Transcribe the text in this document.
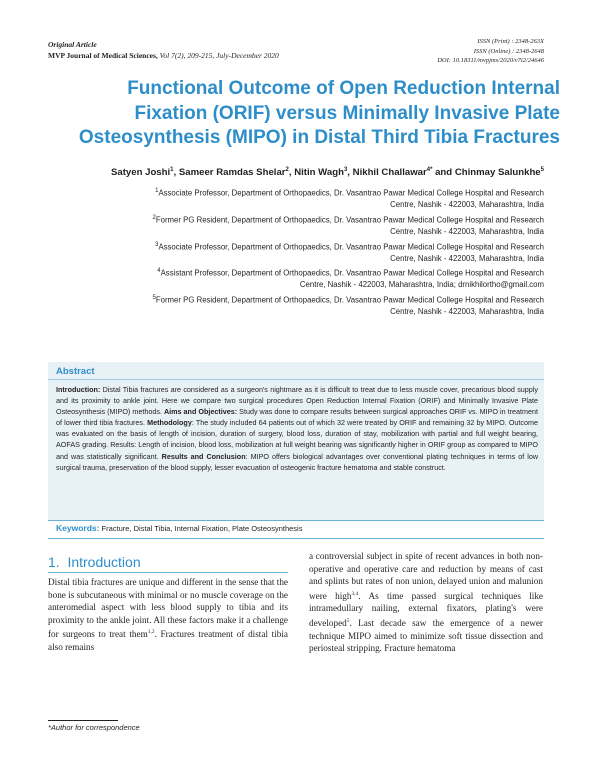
Original Article
MVP Journal of Medical Sciences, Vol 7(2), 209-215, July-December 2020
ISSN (Print) : 2348-263X
ISSN (Online) : 2348-2648
DOI: 10.18311/mvpjms/2020/v7i2/24646
Functional Outcome of Open Reduction Internal
Fixation (ORIF) versus Minimally Invasive Plate
Osteosynthesis (MIPO) in Distal Third Tibia Fractures
Satyen Joshi$^1$, Sameer Ramdas Shelar$^2$, Nitin Wagh$^3$, Nikhil Challawar$^{4*}$ and Chinmay Salunkhe$^5$
$^1$Associate Professor, Department of Orthopaedics, Dr. Vasantrao Pawar Medical College Hospital and Research
Centre, Nashik - 422003, Maharashtra, India
$^2$Former PG Resident, Department of Orthopaedics, Dr. Vasantrao Pawar Medical College Hospital and Research
Centre, Nashik - 422003, Maharashtra, India
$^3$Associate Professor, Department of Orthopaedics, Dr. Vasantrao Pawar Medical College Hospital and Research
Centre, Nashik - 422003, Maharashtra, India
$^4$Assistant Professor, Department of Orthopaedics, Dr. Vasantrao Pawar Medical College Hospital and Research
Centre, Nashik - 422003, Maharashtra, India; drnikhilortho@gmail.com
$^5$Former PG Resident, Department of Orthopaedics, Dr. Vasantrao Pawar Medical College Hospital and Research
Centre, Nashik - 422003, Maharashtra, India
Abstract
Introduction: Distal Tibia fractures are considered as a surgeon's nightmare as it is difficult to treat due to less muscle cover, precarious blood supply and its proximity to ankle joint. Here we compare two surgical procedures Open Reduction Internal Fixation (ORIF) and Minimally Invasive Plate Osteosynthesis (MIPO) methods. Aims and Objectives: Study was done to compare results between surgical approaches ORIF vs. MIPO in treatment of lower third tibia fractures. Methodology: The study included 64 patients out of which 32 were treated by ORIF and remaining 32 by MIPO. Outcome was evaluated on the basis of length of incision, duration of surgery, blood loss, duration of stay, mobilization with partial and full weight bearing, AOFAS grading. Results: Length of incision, blood loss, mobilization at full weight bearing was significantly higher in ORIF group as compared to MIPO and was statistically significant. Results and Conclusion: MIPO offers biological advantages over conventional plating techniques in terms of low surgical trauma, preservation of the blood supply, lesser evacuation of osteogenic fracture hematoma and stable construct.
Keywords: Fracture, Distal Tibia, Internal Fixation, Plate Osteosynthesis
1.  Introduction
Distal tibia fractures are unique and different in the sense that the bone is subcutaneous with minimal or no muscle coverage on the anteromedial aspect with less blood supply to tibia and its proximity to the ankle joint. All these factors make it a challenge for surgeons to treat them$^{1,2}$. Fractures treatment of distal tibia also remains
a controversial subject in spite of recent advances in both non-operative and operative care and reduction by means of cast and splints but rates of non union, delayed union and malunion were high$^{3,4}$. As time passed surgical techniques like intramedullary nailing, external fixators, plating's were developed$^5$. Last decade saw the emergence of a newer technique MIPO aimed to minimize soft tissue dissection and periosteal stripping. Fracture hematoma
*Author for correspondence
